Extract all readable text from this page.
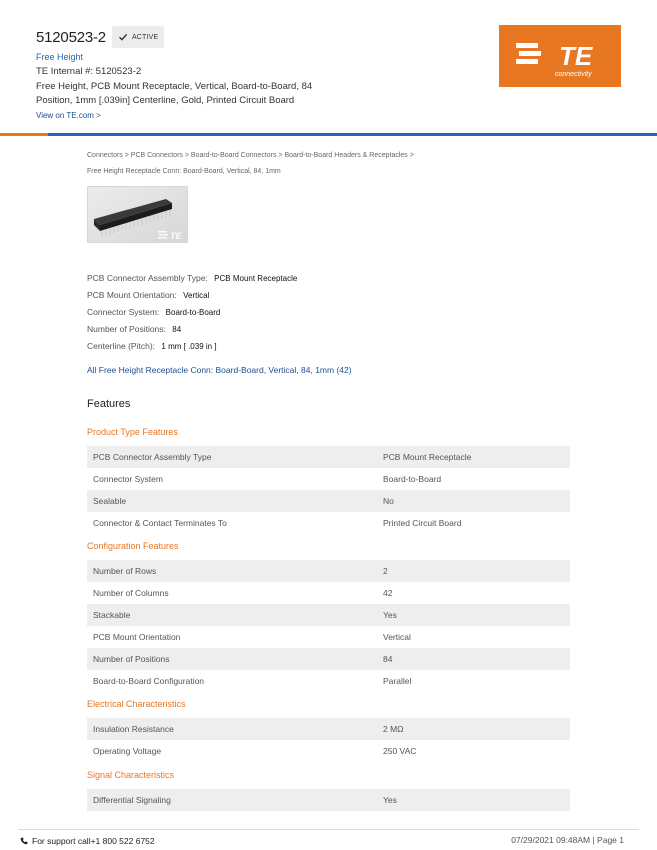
5120523-2	ACTIVE
Free Height
TE Internal #: 5120523-2
Free Height, PCB Mount Receptacle, Vertical, Board-to-Board, 84 Position, 1mm [.039in] Centerline, Gold, Printed Circuit Board
View on TE.com >
TE
connectivity
Connectors > PCB Connectors > Board-to-Board Connectors > Board-to-Board Headers & Receptacles >
Free Height Receptacle Conn: Board-Board, Vertical, 84, 1mm
TE
PCB Connector Assembly Type: PCB Mount Receptacle
PCB Mount Orientation: Vertical
Connector System: Board-to-Board
Number of Positions: 84
Centerline (Pitch): 1 mm [ .039 in ]
All Free Height Receptacle Conn: Board-Board, Vertical, 84, 1mm (42)
Features
Product Type Features
PCB Connector Assembly Type	PCB Mount Receptacle
Connector System	Board-to-Board
Sealable	No
Connector & Contact Terminates To	Printed Circuit Board
Configuration Features
Number of Rows	2
Number of Columns	42
Stackable	Yes
PCB Mount Orientation	Vertical
Number of Positions	84
Board-to-Board Configuration	Parallel
Electrical Characteristics
Insulation Resistance	2 MΩ
Operating Voltage	250 VAC
Signal Characteristics
Differential Signaling	Yes
For support call+1 800 522 6752	07/29/2021 09:48AM | Page 1
